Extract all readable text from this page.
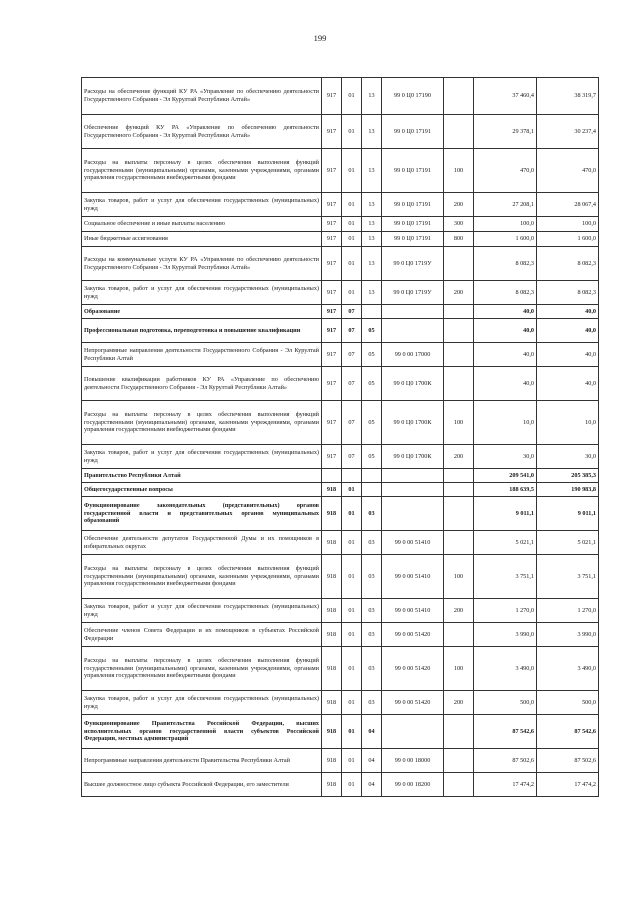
199
Расходы на обеспечение функций КУ РА «Управление по обеспечению деятельности Государственного Собрания - Эл Курултай Республики Алтай»	917	01	13	99 0 Ц0 17190		37 460,4	38 319,7
Обеспечение функций КУ РА «Управление по обеспечению деятельности Государственного Собрания - Эл Курултай Республики Алтай»	917	01	13	99 0 Ц0 17191		29 378,1	30 237,4
Расходы на выплаты персоналу в целях обеспечения выполнения функций государственными (муниципальными) органами, казенными учреждениями, органами управления государственными внебюджетными фондами	917	01	13	99 0 Ц0 17191	100	470,0	470,0
Закупка товаров, работ и услуг для обеспечения государственных (муниципальных) нужд	917	01	13	99 0 Ц0 17191	200	27 208,1	28 067,4
Социальное обеспечение и иные выплаты населению	917	01	13	99 0 Ц0 17191	300	100,0	100,0
Иные бюджетные ассигнования	917	01	13	99 0 Ц0 17191	800	1 600,0	1 600,0
Расходы на коммунальные услуги КУ РА «Управление по обеспечению деятельности Государственного Собрания - Эл Курултай Республики Алтай»	917	01	13	99 0 Ц0 1719У		8 082,3	8 082,3
Закупка товаров, работ и услуг для обеспечения государственных (муниципальных) нужд	917	01	13	99 0 Ц0 1719У	200	8 082,3	8 082,3
Образование	917	07				40,0	40,0
Профессиональная подготовка, переподготовка и повышение квалификации	917	07	05			40,0	40,0
Непрограммные направления деятельности Государственного Собрания - Эл Курултай Республики Алтай	917	07	05	99 0 00 17000		40,0	40,0
Повышение квалификации работников КУ РА «Управление по обеспечению деятельности Государственного Собрания - Эл Курултай Республики Алтай»	917	07	05	99 0 Ц0 1700К		40,0	40,0
Расходы на выплаты персоналу в целях обеспечения выполнения функций государственными (муниципальными) органами, казенными учреждениями, органами управления государственными внебюджетными фондами	917	07	05	99 0 Ц0 1700К	100	10,0	10,0
Закупка товаров, работ и услуг для обеспечения государственных (муниципальных) нужд	917	07	05	99 0 Ц0 1700К	200	30,0	30,0
Правительство Республики Алтай						209 541,0	205 385,3
Общегосударственные вопросы	918	01				188 639,5	190 983,8
Функционирование законодательных (представительных) органов государственной власти и представительных органов муниципальных образований	918	01	03			9 011,1	9 011,1
Обеспечение деятельности депутатов Государственной Думы и их помощников в избирательных округах	918	01	03	99 0 00 51410		5 021,1	5 021,1
Расходы на выплаты персоналу в целях обеспечения выполнения функций государственными (муниципальными) органами, казенными учреждениями, органами управления государственными внебюджетными фондами	918	01	03	99 0 00 51410	100	3 751,1	3 751,1
Закупка товаров, работ и услуг для обеспечения государственных (муниципальных) нужд	918	01	03	99 0 00 51410	200	1 270,0	1 270,0
Обеспечение членов Совета Федерации и их помощников в субъектах Российской Федерации	918	01	03	99 0 00 51420		3 990,0	3 990,0
Расходы на выплаты персоналу в целях обеспечения выполнения функций государственными (муниципальными) органами, казенными учреждениями, органами управления государственными внебюджетными фондами	918	01	03	99 0 00 51420	100	3 490,0	3 490,0
Закупка товаров, работ и услуг для обеспечения государственных (муниципальных) нужд	918	01	03	99 0 00 51420	200	500,0	500,0
Функционирование Правительства Российской Федерации, высших исполнительных органов государственной власти субъектов Российской Федерации, местных администраций	918	01	04			87 542,6	87 542,6
Непрограммные направления деятельности Правительства Республики Алтай	918	01	04	99 0 00 18000		87 502,6	87 502,6
Высшее должностное лицо субъекта Российской Федерации, его заместители	918	01	04	99 0 00 18200		17 474,2	17 474,2
